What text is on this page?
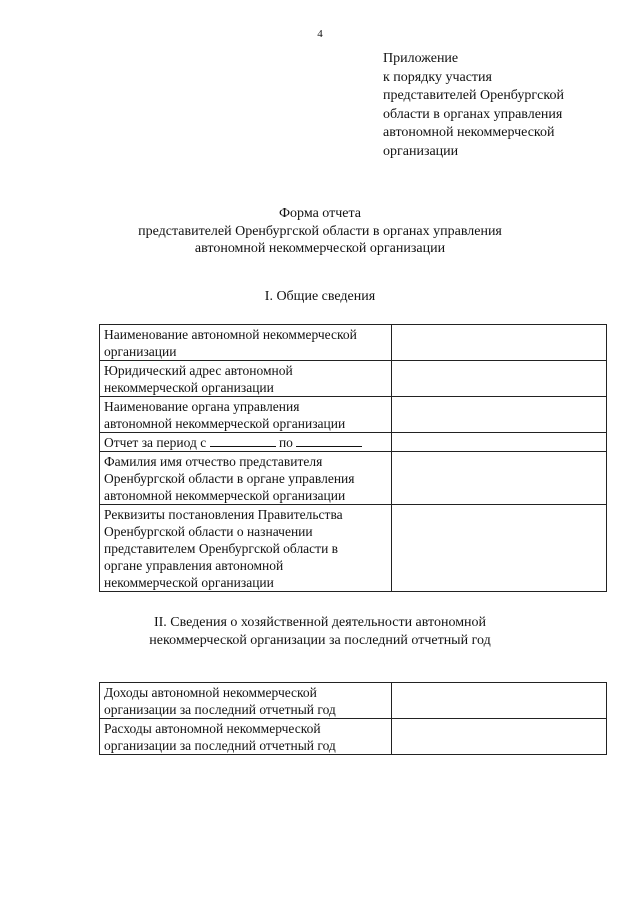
4
Приложение
к порядку участия
представителей Оренбургской
области в органах управления
автономной некоммерческой
организации
Форма отчета
представителей Оренбургской области в органах управления
автономной некоммерческой организации
I. Общие сведения
Наименование автономной некоммерческой
организации	

Юридический адрес автономной
некоммерческой организации	

Наименование органа управления
автономной некоммерческой организации	

Отчет за период с по	

Фамилия имя отчество представителя
Оренбургской области в органе управления
автономной некоммерческой организации	

Реквизиты постановления Правительства
Оренбургской области о назначении
представителем Оренбургской области в
органе управления автономной
некоммерческой организации	

II. Сведения о хозяйственной деятельности автономной
некоммерческой организации за последний отчетный год
Доходы автономной некоммерческой
организации за последний отчетный год	

Расходы автономной некоммерческой
организации за последний отчетный год	
